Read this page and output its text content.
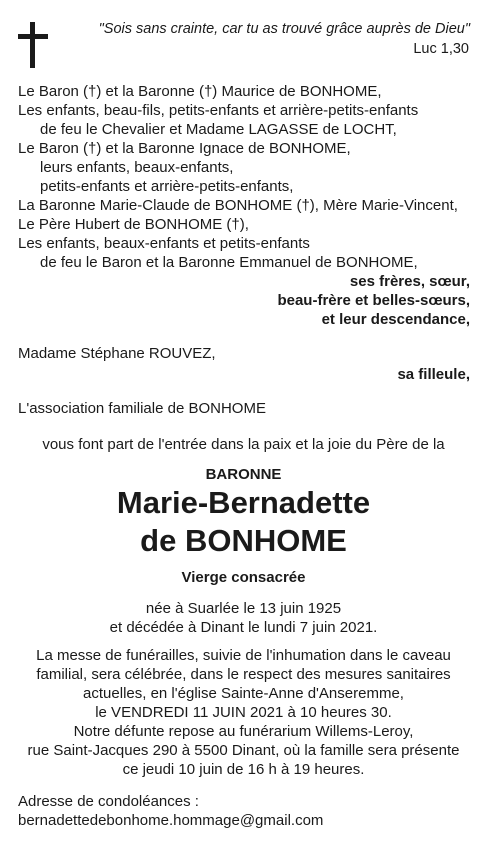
"Sois sans crainte, car tu as trouvé grâce auprès de Dieu"
Luc 1,30
Le Baron (†) et la Baronne (†) Maurice de BONHOME,
Les enfants, beau-fils, petits-enfants et arrière-petits-enfants
de feu le Chevalier et Madame LAGASSE de LOCHT,
Le Baron (†) et la Baronne Ignace de BONHOME,
leurs enfants, beaux-enfants,
petits-enfants et arrière-petits-enfants,
La Baronne Marie-Claude de BONHOME (†), Mère Marie-Vincent,
Le Père Hubert de BONHOME (†),
Les enfants, beaux-enfants et petits-enfants
de feu le Baron et la Baronne Emmanuel de BONHOME,
ses frères, sœur,
beau-frère et belles-sœurs,
et leur descendance,
Madame Stéphane ROUVEZ,
sa filleule,
L'association familiale de BONHOME
vous font part de l'entrée dans la paix et la joie du Père de la
BARONNE
Marie-Bernadette
de BONHOME
Vierge consacrée
née à Suarlée le 13 juin 1925
et décédée à Dinant le lundi 7 juin 2021.
La messe de funérailles, suivie de l'inhumation dans le caveau
familial, sera célébrée, dans le respect des mesures sanitaires
actuelles, en l'église Sainte-Anne d'Anseremme,
le VENDREDI 11 JUIN 2021 à 10 heures 30.
Notre défunte repose au funérarium Willems-Leroy,
rue Saint-Jacques 290 à 5500 Dinant, où la famille sera présente
ce jeudi 10 juin de 16 h à 19 heures.
Adresse de condoléances :
bernadettedebonhome.hommage@gmail.com
